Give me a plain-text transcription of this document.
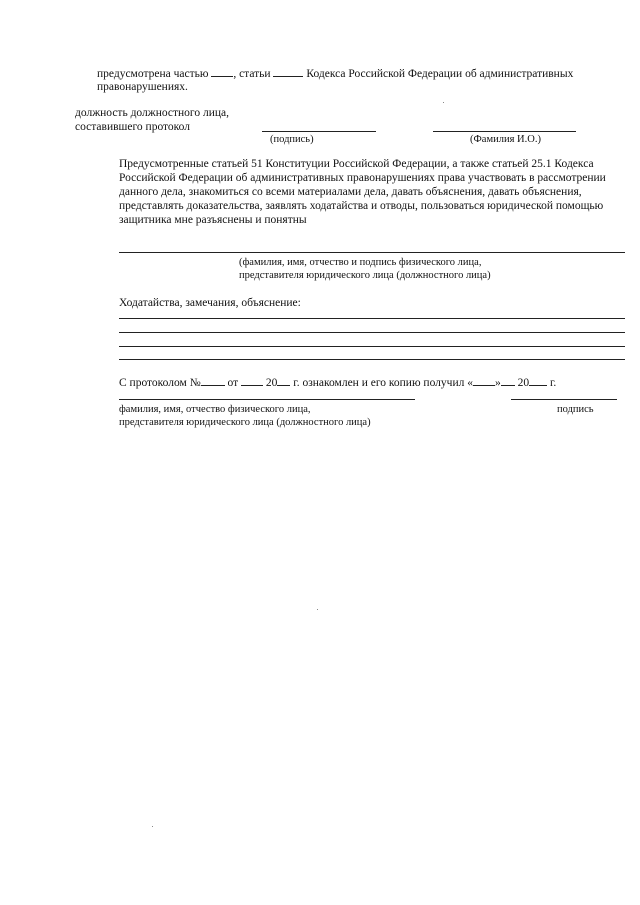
предусмотрена частью , статьи	Кодекса Российской Федерации об административных
правонарушениях.
должность должностного лица,
составившего протокол
(подпись)	(Фамилия И.О.)
Предусмотренные статьей 51 Конституции Российской Федерации, а также статьей 25.1 Кодекса
Российской Федерации об административных правонарушениях права участвовать в рассмотрении
данного дела, знакомиться со всеми материалами дела, давать объяснения, давать объяснения,
представлять доказательства, заявлять ходатайства и отводы, пользоваться юридической помощью
защитника мне разъяснены и понятны
(фамилия, имя, отчество и подпись физического лица,
представителя юридического лица (должностного лица)
Ходатайства, замечания, объяснение:
С протоколом № от 20 г. ознакомлен и его копию получил « » 20 г.
фамилия, имя, отчество физического лица,
представителя юридического лица (должностного лица)
подпись
